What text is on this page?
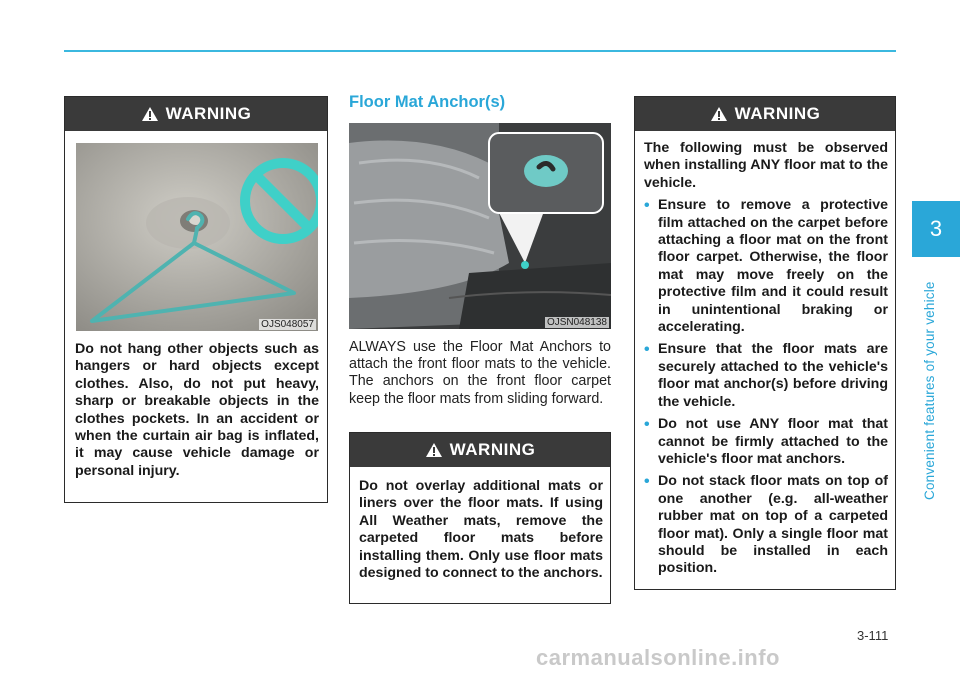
WARNING
OJS048057
Do not hang other objects such as hangers or hard objects except clothes. Also, do not put heavy, sharp or breakable objects in the clothes pockets. In an accident or when the curtain air bag is inflated, it may cause vehicle damage or personal injury.
Floor Mat Anchor(s)
OJSN048138
ALWAYS use the Floor Mat Anchors to attach the front floor mats to the vehicle. The anchors on the front floor carpet keep the floor mats from sliding forward.
WARNING
Do not overlay additional mats or liners over the floor mats. If using All Weather mats, remove the carpeted floor mats before installing them. Only use floor mats designed to connect to the anchors.
WARNING
The following must be observed when installing ANY floor mat to the vehicle.
• Ensure to remove a protective film attached on the carpet before attaching a floor mat on the front floor carpet. Otherwise, the floor mat may move freely on the protective film and it could result in unintentional braking or accelerating.
• Ensure that the floor mats are securely attached to the vehicle's floor mat anchor(s) before driving the vehicle.
• Do not use ANY floor mat that cannot be firmly attached to the vehicle's floor mat anchors.
• Do not stack floor mats on top of one another (e.g. all-weather rubber mat on top of a carpeted floor mat). Only a single floor mat should be installed in each position.
3
Convenient features of your vehicle
3-111
carmanualsonline.info
